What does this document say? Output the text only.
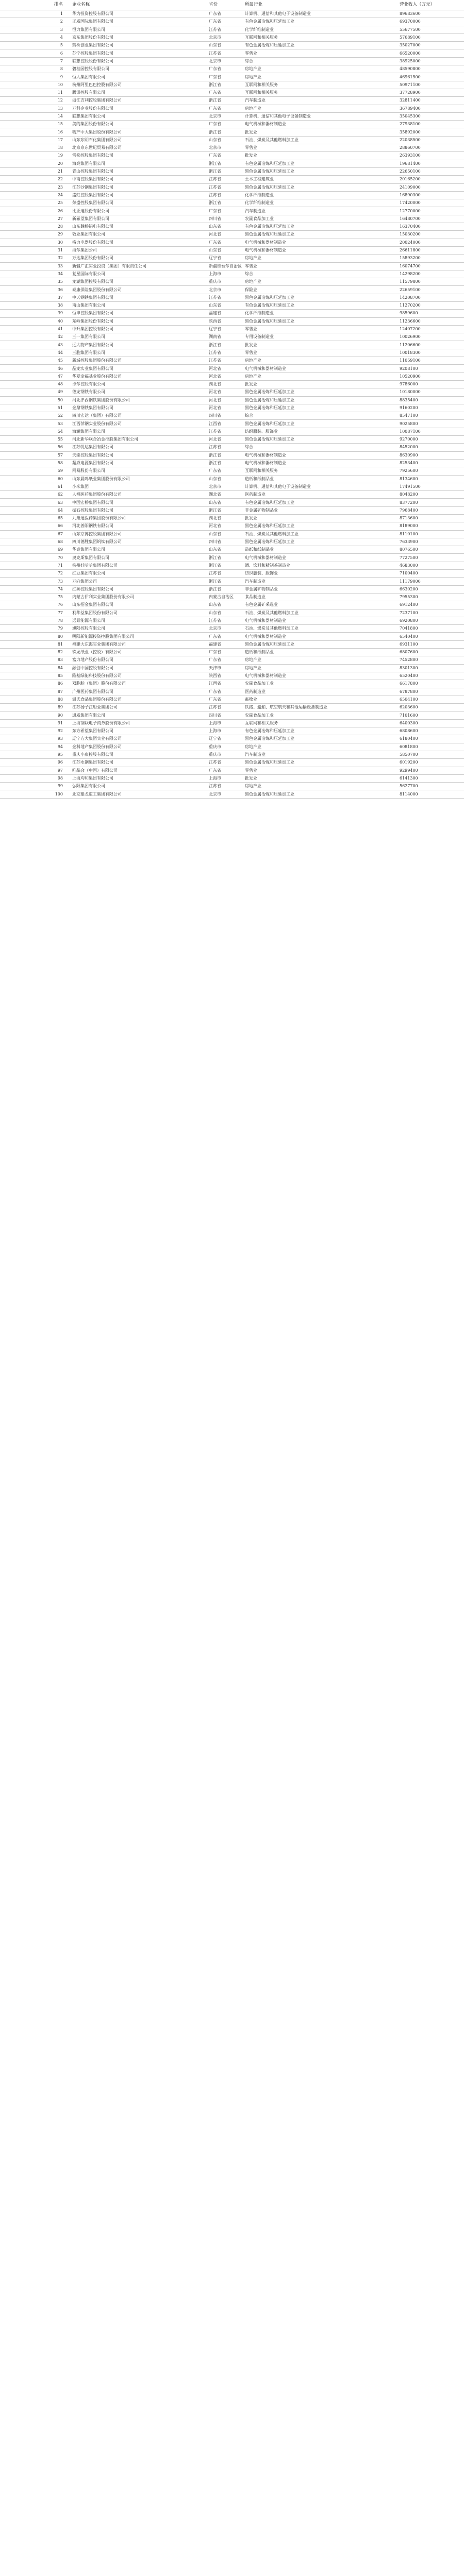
排名 企业名称	省份	所属行业	营业收入（万元）
1 华为投资控股有限公司	广东省	计算机、通信和其他电子设备制造业	89683600
2 正威国际集团有限公司	广东省	有色金属冶炼和压延加工业	69370000
3 恒力集团有限公司	江苏省	化学纤维制造业	55677500
4 京东集团股份有限公司	北京市	互联网和相关服务	57689100
5 魏桥创业集团有限公司	山东省	有色金属冶炼和压延加工业	35027000
6 苏宁控股集团有限公司	江苏省	零售业	66520000
7 联想控股股份有限公司	北京市	综合	38925000
8 碧桂园控股有限公司	广东省	房地产业	48590800
9 恒大集团有限公司	广东省	房地产业	46961500
10 杭州阿里巴巴控股有限公司	浙江省	互联网和相关服务	50971100
11 腾讯控股有限公司	广东省	互联网和相关服务	37728900
12 浙江吉利控股集团有限公司	浙江省	汽车制造业	32811400
13 万科企业股份有限公司	广东省	房地产业	36789400
14 联想集团有限公司	北京市	计算机、通信和其他电子设备制造业	35045300
15 美的集团股份有限公司	广东省	电气机械和器材制造业	27938100
16 物产中大集团股份有限公司	浙江省	批发业	35892000
17 山东东明石化集团有限公司	山东省	石油、煤炭及其他燃料加工业	22038500
18 北京京东世纪贸易有限公司	北京市	零售业	28860700
19 雪松控股集团有限公司	广东省	批发业	26393100
20 海亮集团有限公司	浙江省	有色金属冶炼和压延加工业	19681400
21 青山控股集团有限公司	浙江省	黑色金属冶炼和压延加工业	22650100
22 中南控股集团有限公司	江苏省	土木工程建筑业	20165200
23 江苏沙钢集团有限公司	江苏省	黑色金属冶炼和压延加工业	24109000
24 盛虹控股集团有限公司	江苏省	化学纤维制造业	16890300
25 荣盛控股集团有限公司	浙江省	化学纤维制造业	17420000
26 比亚迪股份有限公司	广东省	汽车制造业	12770000
27 新希望集团有限公司	四川省	农副食品加工业	16480700
28 山东魏桥铝电有限公司	山东省	有色金属冶炼和压延加工业	16370400
29 敬业集团有限公司	河北省	黑色金属冶炼和压延加工业	15030200
30 格力电器股份有限公司	广东省	电气机械和器材制造业	20024000
31 海尔集团公司	山东省	电气机械和器材制造业	26611800
32 万达集团股份有限公司	辽宁省	房地产业	15893200
33 新疆广汇实业投资（集团）有限责任公司	新疆维吾尔自治区 零售业	16074700
34 复星国际有限公司	上海市	综合	14298200
35 龙湖集团控股有限公司	重庆市	房地产业	11579800
36 泰康保险集团股份有限公司	北京市	保险业	22659100
37 中天钢铁集团有限公司	江苏省	黑色金属冶炼和压延加工业	14208700
38 南山集团有限公司	山东省	有色金属冶炼和压延加工业	11270200
39 恒申控股集团有限公司	福建省	化学纤维制造业	9859600
40 东岭集团股份有限公司	陕西省	黑色金属冶炼和压延加工业	11236600
41 中升集团控股有限公司	辽宁省	零售业	12407200
42 三一集团有限公司	湖南省	专用设备制造业	10026900
43 远大物产集团有限公司	浙江省	批发业	11206600
44 三胞集团有限公司	江苏省	零售业	10018300
45 新城控股集团股份有限公司	江苏省	房地产业	11059100
46 晶龙实业集团有限公司	河北省	电气机械和器材制造业	9208100
47 华夏幸福基业股份有限公司	河北省	房地产业	10520900
48 卓尔控股有限公司	湖北省	批发业	9786000
49 德龙钢铁有限公司	河北省	黑色金属冶炼和压延加工业	10180000
50 河北津西钢铁集团股份有限公司	河北省	黑色金属冶炼和压延加工业	8835400
51 金鼎钢铁集团有限公司	河北省	黑色金属冶炼和压延加工业	9160200
52 四川宏达（集团）有限公司	四川省	综合	8547100
53 江西萍钢实业股份有限公司	江西省	黑色金属冶炼和压延加工业	9025800
54 海澜集团有限公司	江苏省	纺织服装、服饰业	10087100
55 河北新华联合冶金控股集团有限公司	河北省	黑色金属冶炼和压延加工业	9270000
56 江苏悦达集团有限公司	江苏省	综合	8452000
57 天能控股集团有限公司	浙江省	电气机械和器材制造业	8630900
58 超威电源集团有限公司	浙江省	电气机械和器材制造业	8253400
59 网易股份有限公司	广东省	互联网和相关服务	7925600
60 山东晨鸣纸业集团股份有限公司	山东省	造纸和纸制品业	8134600
61 小米集团	北京市	计算机、通信和其他电子设备制造业	17491500
62 人福医药集团股份有限公司	湖北省	医药制造业	8048200
63 中国宏桥集团有限公司	山东省	有色金属冶炼和压延加工业	8377200
64 振石控股集团有限公司	浙江省	非金属矿物制品业	7968400
65 九州通医药集团股份有限公司	湖北省	批发业	8713600
66 河北普阳钢铁有限公司	河北省	黑色金属冶炼和压延加工业	8189000
67 山东京博控股集团有限公司	山东省	石油、煤炭及其他燃料加工业	8110100
68 四川德胜集团钒钛有限公司	四川省	黑色金属冶炼和压延加工业	7633900
69 华泰集团有限公司	山东省	造纸和纸制品业	8076500
70 奥克斯集团有限公司	浙江省	电气机械和器材制造业	7727500
71 杭州娃哈哈集团有限公司	浙江省	酒、饮料和精制茶制造业	4683000
72 红豆集团有限公司	江苏省	纺织服装、服饰业	7100400
73 万向集团公司	浙江省	汽车制造业	11179000
74 红狮控股集团有限公司	浙江省	非金属矿物制品业	6630200
75 内蒙古伊利实业集团股份有限公司	内蒙古自治区	食品制造业	7955300
76 山东招金集团有限公司	山东省	有色金属矿采选业	6912400
77 利华益集团股份有限公司	山东省	石油、煤炭及其他燃料加工业	7237100
78 远景能源有限公司	江苏省	电气机械和器材制造业	6920800
79 旭阳控股有限公司	北京市	石油、煤炭及其他燃料加工业	7041800
80 明阳新能源投资控股集团有限公司	广东省	电气机械和器材制造业	6540400
81 福建大东海实业集团有限公司	福建省	黑色金属冶炼和压延加工业	6931100
82 玖龙纸业（控股）有限公司	广东省	造纸和纸制品业	6807600
83 富力地产股份有限公司	广东省	房地产业	7452800
84 融创中国控股有限公司	天津市	房地产业	8301300
85 隆基绿能科技股份有限公司	陕西省	电气机械和器材制造业	6520400
86 双胞胎（集团）股份有限公司	江西省	农副食品加工业	6617800
87 广州医药集团有限公司	广东省	医药制造业	6787800
88 温氏食品集团股份有限公司	广东省	畜牧业	6504100
89 江苏扬子江船业集团公司	江苏省	铁路、船舶、航空航天和其他运输设备制造业	6203600
90 通威集团有限公司	四川省	农副食品加工业	7101600
91 上海钢联电子商务股份有限公司	上海市	互联网和相关服务	6400300
92 东方希望集团有限公司	上海市	有色金属冶炼和压延加工业	6808600
93 辽宁方大集团实业有限公司	辽宁省	黑色金属冶炼和压延加工业	6180400
94 金科地产集团股份有限公司	重庆市	房地产业	6081800
95 重庆小康控股有限公司	重庆市	汽车制造业	5850700
96 江苏永钢集团有限公司	江苏省	黑色金属冶炼和压延加工业	6019200
97 唯品会（中国）有限公司	广东省	零售业	9299400
98 上海均和集团有限公司	上海市	批发业	6141300
99 弘阳集团有限公司	江苏省	房地产业	5627700
100 北京建龙重工集团有限公司	北京市	黑色金属冶炼和压延加工业	8114000
